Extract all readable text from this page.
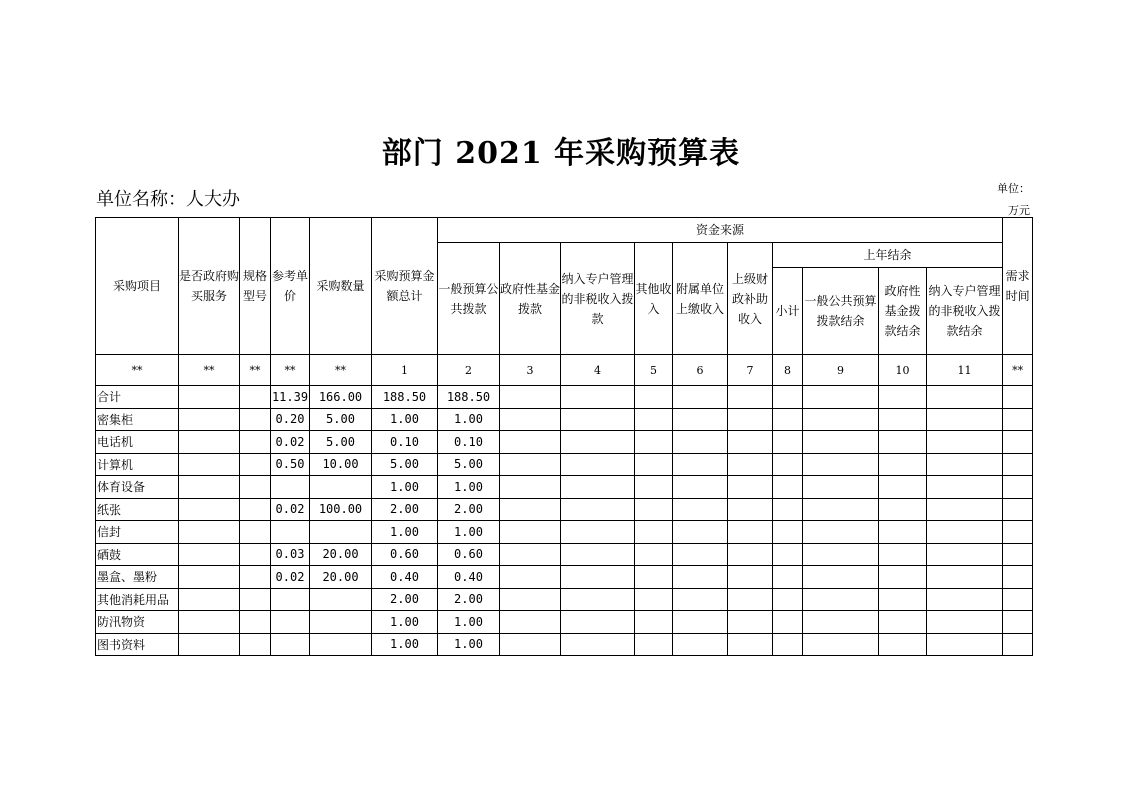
部门 2021 年采购预算表
单位名称：人大办
单位：
万元
采购项目	是否政府购买服务	规格型号	参考单价	采购数量	采购预算金额总计	资金来源										需求时间
						一般预算公共拨款	政府性基金拨款	纳入专户管理的非税收入拨款	其他收入	附属单位上缴收入	上级财政补助收入	上年结余				
												小计	一般公共预算拨款结余	政府性基金拨款结余	纳入专户管理的非税收入拨款结余	
**	**	**	**	**	1	2	3	4	5	6	7	8	9	10	11	**
合计			11.39	166.00	188.50	188.50										
密集柜			0.20	5.00	1.00	1.00										
电话机			0.02	5.00	0.10	0.10										
计算机			0.50	10.00	5.00	5.00										
体育设备					1.00	1.00										
纸张			0.02	100.00	2.00	2.00										
信封					1.00	1.00										
硒鼓			0.03	20.00	0.60	0.60										
墨盒、墨粉			0.02	20.00	0.40	0.40										
其他消耗用品					2.00	2.00										
防汛物资					1.00	1.00										
图书资料					1.00	1.00										
